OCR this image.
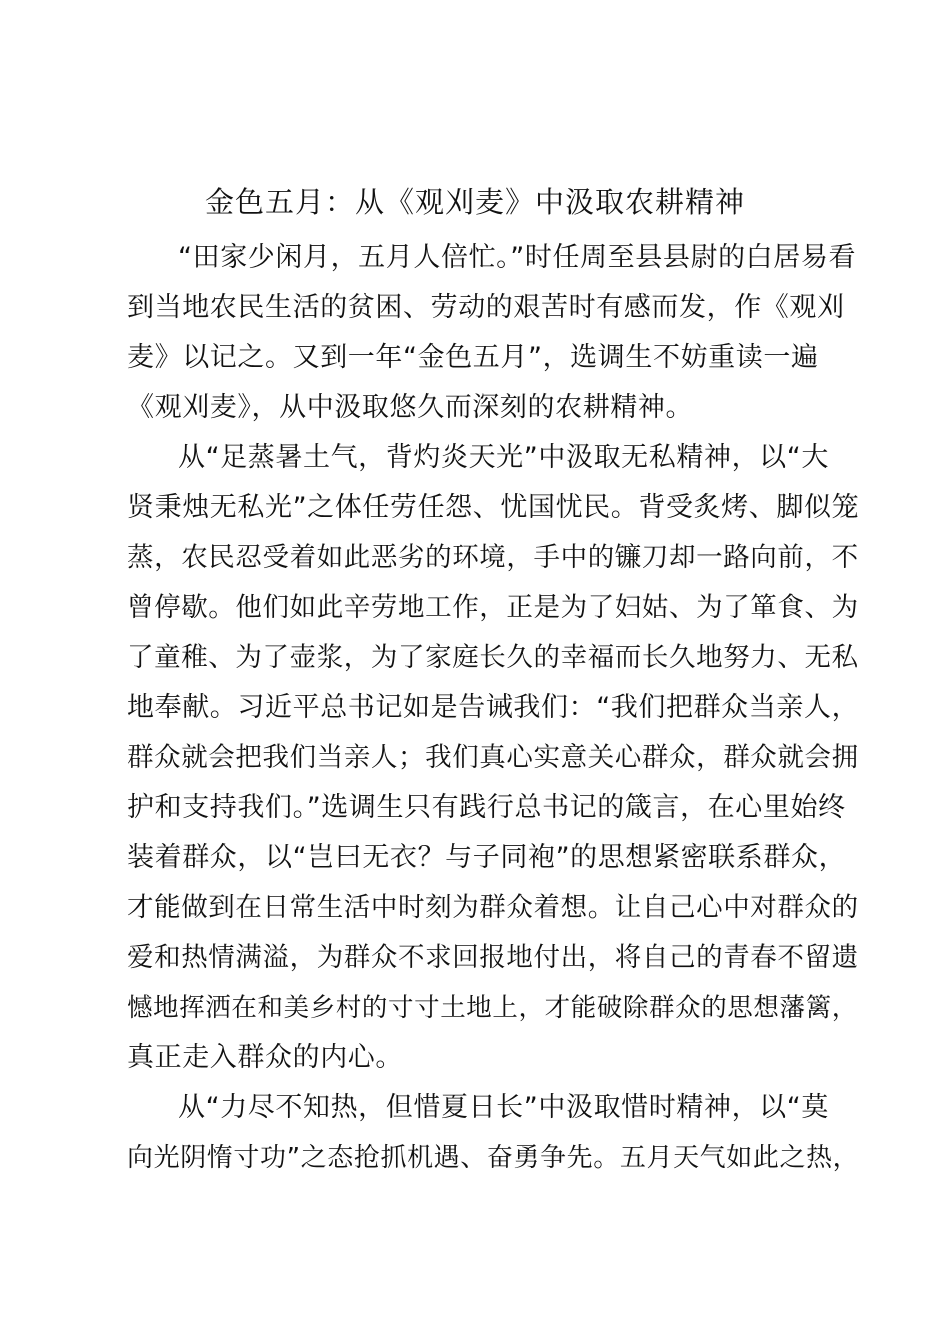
金色五月：从《观刈麦》中汲取农耕精神
“田家少闲月，五月人倍忙。”时任周至县县尉的白居易看
到当地农民生活的贫困、劳动的艰苦时有感而发，作《观刈
麦》以记之。又到一年“金色五月”，选调生不妨重读一遍
《观刈麦》，从中汲取悠久而深刻的农耕精神。
从“足蒸暑土气，背灼炎天光”中汲取无私精神，以“大
贤秉烛无私光”之体任劳任怨、忧国忧民。背受炙烤、脚似笼
蒸，农民忍受着如此恶劣的环境，手中的镰刀却一路向前，不
曾停歇。他们如此辛劳地工作，正是为了妇姑、为了箪食、为
了童稚、为了壶浆，为了家庭长久的幸福而长久地努力、无私
地奉献。习近平总书记如是告诫我们：“我们把群众当亲人，
群众就会把我们当亲人；我们真心实意关心群众，群众就会拥
护和支持我们。”选调生只有践行总书记的箴言，在心里始终
装着群众，以“岂曰无衣？与子同袍”的思想紧密联系群众，
才能做到在日常生活中时刻为群众着想。让自己心中对群众的
爱和热情满溢，为群众不求回报地付出，将自己的青春不留遗
憾地挥洒在和美乡村的寸寸土地上，才能破除群众的思想藩篱，
真正走入群众的内心。
从“力尽不知热，但惜夏日长”中汲取惜时精神，以“莫
向光阴惰寸功”之态抢抓机遇、奋勇争先。五月天气如此之热，
